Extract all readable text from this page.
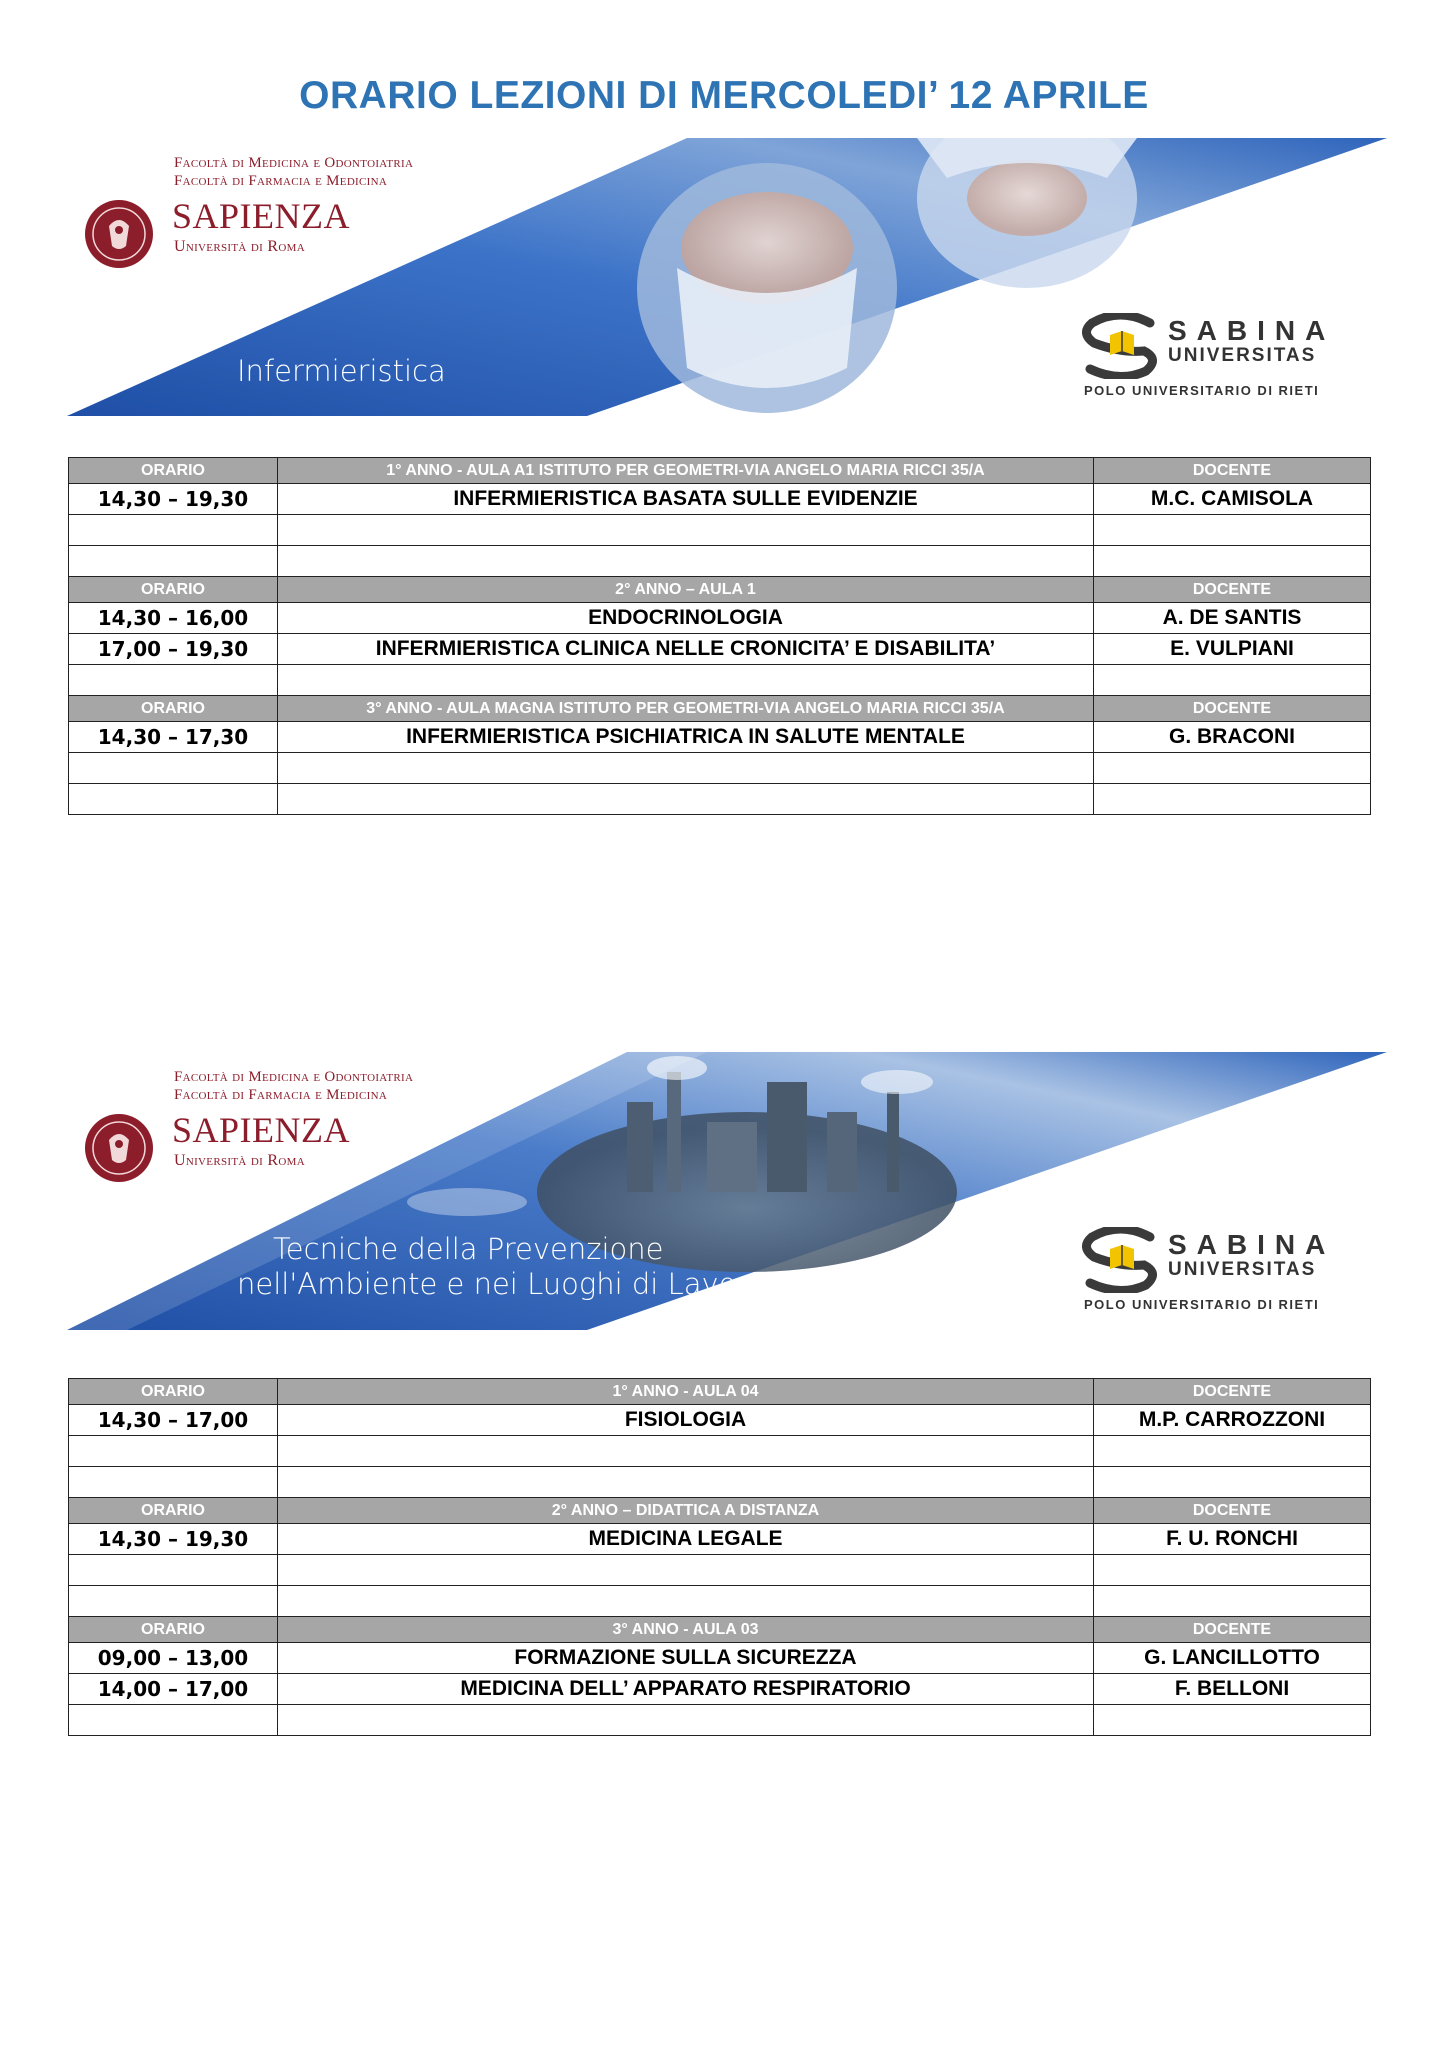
ORARIO LEZIONI DI MERCOLEDI’ 12 APRILE
Facoltà di Medicina e Odontoiatria
Facoltà di Farmacia e Medicina
SAPIENZA
Università di Roma
Infermieristica
SABINA
UNIVERSITAS
POLO UNIVERSITARIO DI RIETI
ORARIO	1° ANNO - AULA A1 ISTITUTO PER GEOMETRI-VIA ANGELO MARIA RICCI 35/A	DOCENTE
14,30 – 19,30	INFERMIERISTICA BASATA SULLE EVIDENZIE	M.C. CAMISOLA

ORARIO	2° ANNO – AULA 1	DOCENTE
14,30 – 16,00	ENDOCRINOLOGIA	A. DE SANTIS
17,00 – 19,30	INFERMIERISTICA CLINICA NELLE CRONICITA’ E DISABILITA’	E. VULPIANI

ORARIO	3° ANNO - AULA MAGNA ISTITUTO PER GEOMETRI-VIA ANGELO MARIA RICCI 35/A	DOCENTE
14,30 – 17,30	INFERMIERISTICA PSICHIATRICA IN SALUTE MENTALE	G. BRACONI

Facoltà di Medicina e Odontoiatria
Facoltà di Farmacia e Medicina
SAPIENZA
Università di Roma
Tecniche della Prevenzione
nell'Ambiente e nei Luoghi di Lavoro
SABINA
UNIVERSITAS
POLO UNIVERSITARIO DI RIETI
ORARIO	1° ANNO - AULA 04	DOCENTE
14,30 – 17,00	FISIOLOGIA	M.P. CARROZZONI

ORARIO	2° ANNO – DIDATTICA A DISTANZA	DOCENTE
14,30 – 19,30	MEDICINA LEGALE	F. U. RONCHI

ORARIO	3° ANNO - AULA 03	DOCENTE
09,00 – 13,00	FORMAZIONE SULLA SICUREZZA	G. LANCILLOTTO
14,00 – 17,00	MEDICINA DELL’ APPARATO RESPIRATORIO	F. BELLONI
